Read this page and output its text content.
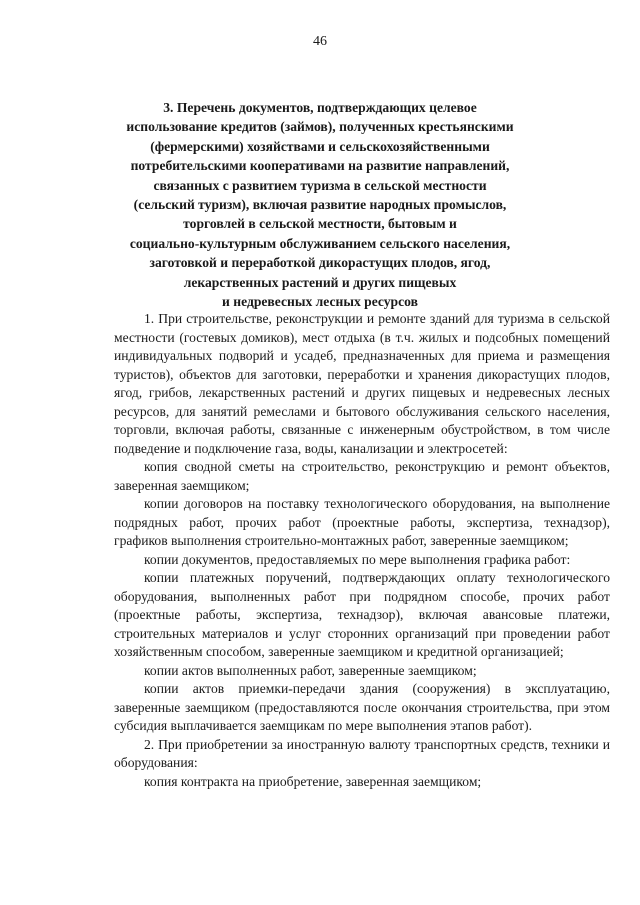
46
3. Перечень документов, подтверждающих целевое
использование кредитов (займов), полученных крестьянскими
(фермерскими) хозяйствами и сельскохозяйственными
потребительскими кооперативами на развитие направлений,
связанных с развитием туризма в сельской местности
(сельский туризм), включая развитие народных промыслов,
торговлей в сельской местности, бытовым и
социально-культурным обслуживанием сельского населения,
заготовкой и переработкой дикорастущих плодов, ягод,
лекарственных растений и других пищевых
и недревесных лесных ресурсов

1. При строительстве, реконструкции и ремонте зданий для туризма в сельской местности (гостевых домиков), мест отдыха (в т.ч. жилых и подсобных помещений индивидуальных подворий и усадеб, предназначенных для приема и размещения туристов), объектов для заготовки, переработки и хранения дикорастущих плодов, ягод, грибов, лекарственных растений и других пищевых и недревесных лесных ресурсов, для занятий ремеслами и бытового обслуживания сельского населения, торговли, включая работы, связанные с инженерным обустройством, в том числе подведение и подключение газа, воды, канализации и электросетей:

копия сводной сметы на строительство, реконструкцию и ремонт объектов, заверенная заемщиком;

копии договоров на поставку технологического оборудования, на выполнение подрядных работ, прочих работ (проектные работы, экспертиза, технадзор), графиков выполнения строительно-монтажных работ, заверенные заемщиком;

копии документов, предоставляемых по мере выполнения графика работ:

копии платежных поручений, подтверждающих оплату технологического оборудования, выполненных работ при подрядном способе, прочих работ (проектные работы, экспертиза, технадзор), включая авансовые платежи, строительных материалов и услуг сторонних организаций при проведении работ хозяйственным способом, заверенные заемщиком и кредитной организацией;

копии актов выполненных работ, заверенные заемщиком;

копии актов приемки-передачи здания (сооружения) в эксплуатацию, заверенные заемщиком (предоставляются после окончания строительства, при этом субсидия выплачивается заемщикам по мере выполнения этапов работ).

2. При приобретении за иностранную валюту транспортных средств, техники и оборудования:

копия контракта на приобретение, заверенная заемщиком;
